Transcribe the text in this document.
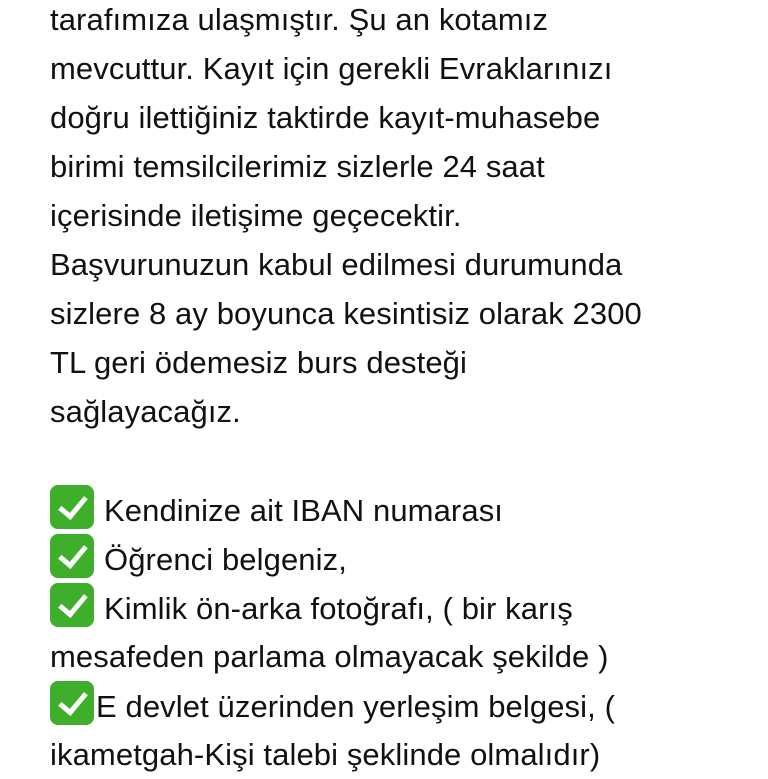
tarafımıza ulaşmıştır. Şu an kotamız
mevcuttur. Kayıt için gerekli Evraklarınızı
doğru ilettiğiniz taktirde kayıt-muhasebe
birimi temsilcilerimiz sizlerle 24 saat
içerisinde iletişime geçecektir.
Başvurunuzun kabul edilmesi durumunda
sizlere 8 ay boyunca kesintisiz olarak 2300
TL geri ödemesiz burs desteği
sağlayacağız.
Kendinize ait IBAN numarası
Öğrenci belgeniz,
Kimlik ön-arka fotoğrafı, ( bir karış
mesafeden parlama olmayacak şekilde )
E devlet üzerinden yerleşim belgesi, (
ikametgah-Kişi talebi şeklinde olmalıdır)
